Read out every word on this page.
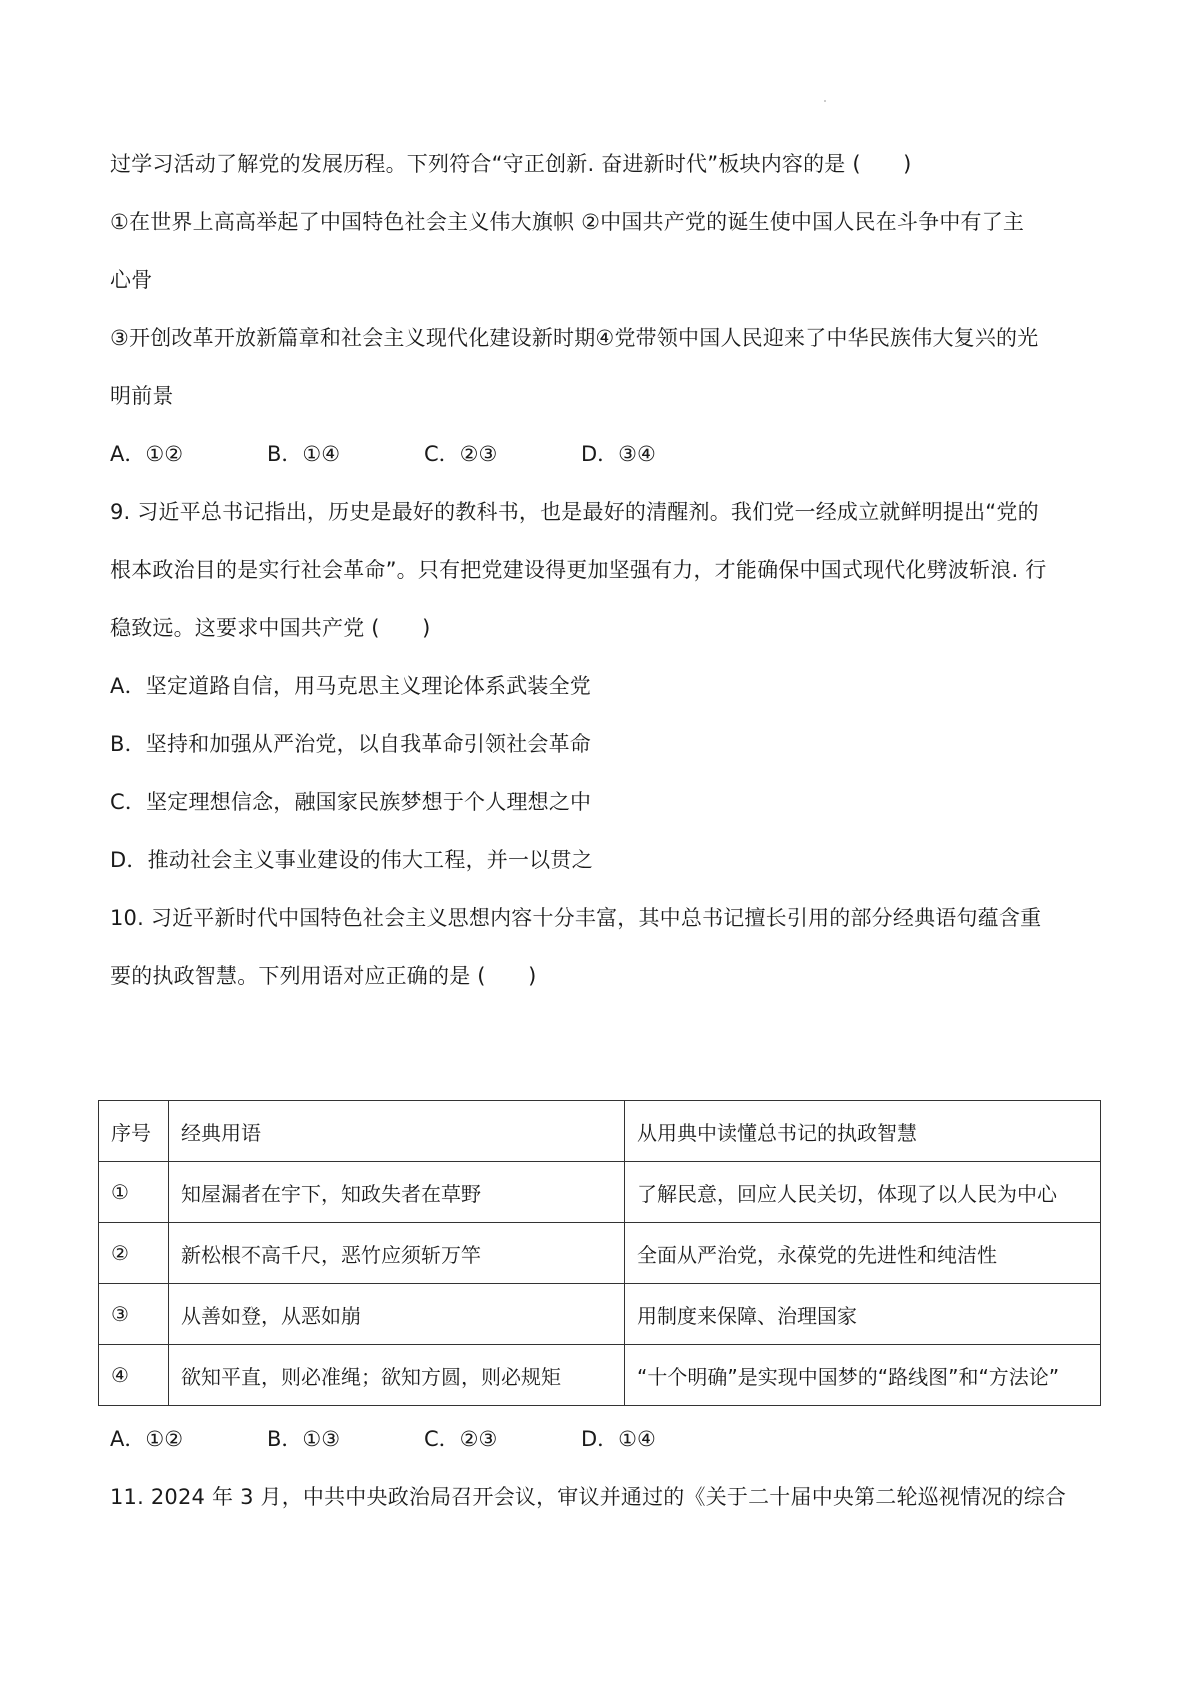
过学习活动了解党的发展历程。下列符合“守正创新. 奋进新时代”板块内容的是 (　　)
①在世界上高高举起了中国特色社会主义伟大旗帜 ②中国共产党的诞生使中国人民在斗争中有了主
心骨
③开创改革开放新篇章和社会主义现代化建设新时期④党带领中国人民迎来了中华民族伟大复兴的光
明前景
A．①②	B．①④	C．②③	D．③④
9. 习近平总书记指出，历史是最好的教科书，也是最好的清醒剂。我们党一经成立就鲜明提出“党的
根本政治目的是实行社会革命”。只有把党建设得更加坚强有力，才能确保中国式现代化劈波斩浪. 行
稳致远。这要求中国共产党 (　　)
A．坚定道路自信，用马克思主义理论体系武装全党
B．坚持和加强从严治党，以自我革命引领社会革命
C．坚定理想信念，融国家民族梦想于个人理想之中
D．推动社会主义事业建设的伟大工程，并一以贯之
10. 习近平新时代中国特色社会主义思想内容十分丰富，其中总书记擅长引用的部分经典语句蕴含重
要的执政智慧。下列用语对应正确的是 (　　)
序号	经典用语	从用典中读懂总书记的执政智慧
①	知屋漏者在宇下，知政失者在草野	了解民意，回应人民关切，体现了以人民为中心
②	新松根不高千尺，恶竹应须斩万竿	全面从严治党，永葆党的先进性和纯洁性
③	从善如登，从恶如崩	用制度来保障、治理国家
④	欲知平直，则必准绳；欲知方圆，则必规矩	“十个明确”是实现中国梦的“路线图”和“方法论”
A．①②	B．①③	C．②③	D．①④
11. 2024 年 3 月，中共中央政治局召开会议，审议并通过的《关于二十届中央第二轮巡视情况的综合
